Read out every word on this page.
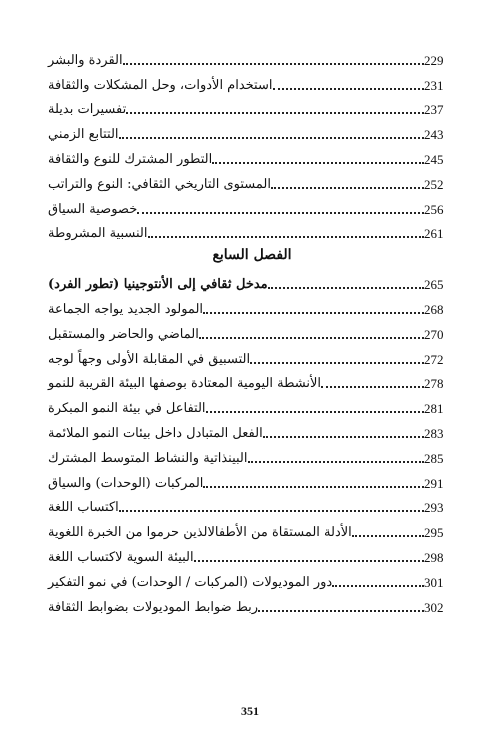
القردة والبشر	229
استخدام الأدوات، وحل المشكلات والثقافة	231
تفسيرات بديلة	237
التتابع الزمني	243
التطور المشترك للنوع والثقافة	245
المستوى التاريخي الثقافي: النوع والتراتب	252
خصوصية السياق	256
النسبية المشروطة	261
الفصل السابع
مدخل ثقافي إلى الأنتوجينيا (تطور الفرد)	265
المولود الجديد يواجه الجماعة	268
الماضي والحاضر والمستقبل	270
التسبيق في المقابلة الأولى وجهاً لوجه	272
الأنشطة اليومية المعتادة بوصفها البيئة القريبة للنمو	278
التفاعل في بيئة النمو المبكرة	281
الفعل المتبادل داخل بيئات النمو الملائمة	283
البينذاتية والنشاط المتوسط المشترك	285
المركبات (الوحدات) والسياق	291
اكتساب اللغة	293
الأدلة المستقاة من الأطفالالذين حرموا من الخبرة اللغوية	295
البيئة السوية لاكتساب اللغة	298
دور الموديولات (المركبات / الوحدات) في نمو التفكير	301
ربط ضوابط الموديولات بضوابط الثقافة	302
351
